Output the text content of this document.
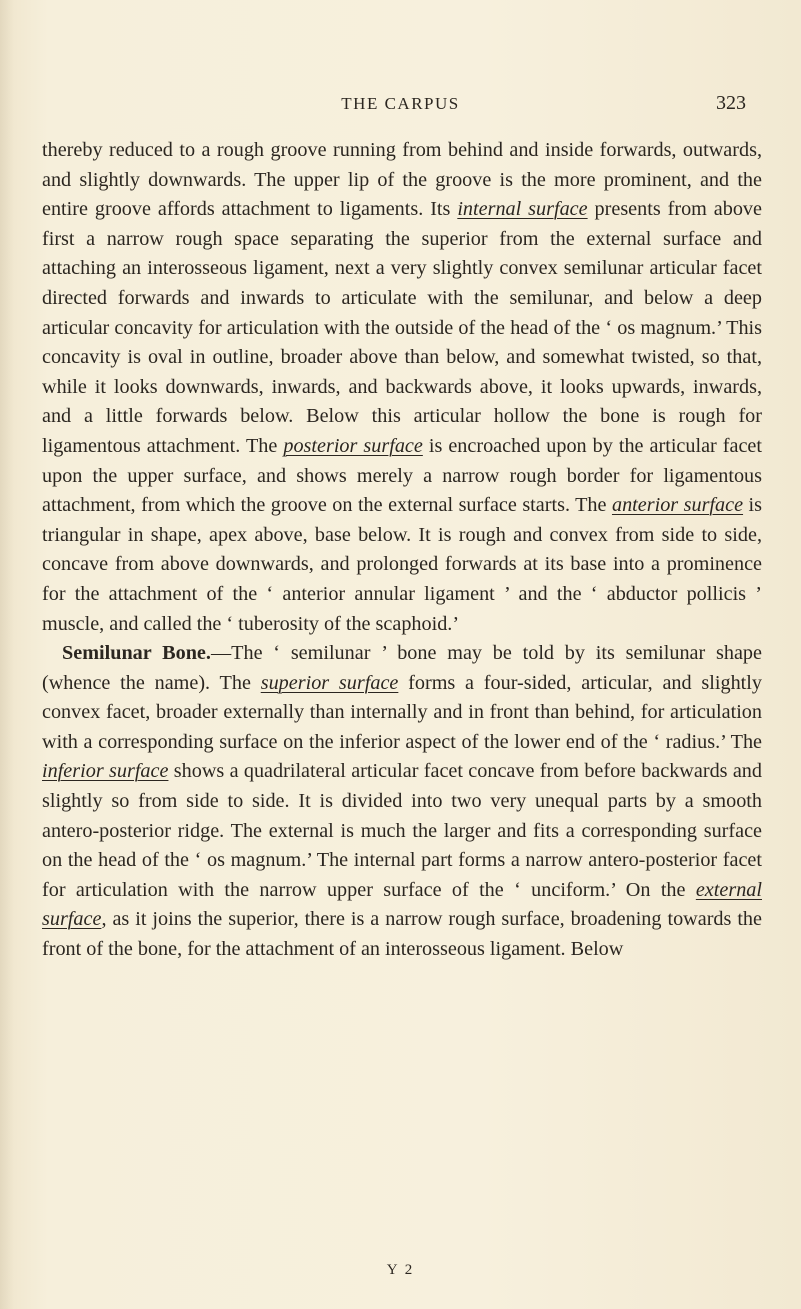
THE CARPUS	323

thereby reduced to a rough groove running from behind and inside forwards, outwards, and slightly downwards. The upper lip of the groove is the more prominent, and the entire groove affords attachment to ligaments. Its internal surface presents from above first a narrow rough space separating the superior from the external surface and attaching an interosseous ligament, next a very slightly convex semilunar articular facet directed forwards and inwards to articulate with the semilunar, and below a deep articular concavity for articulation with the outside of the head of the ‘ os magnum.’ This concavity is oval in outline, broader above than below, and somewhat twisted, so that, while it looks downwards, inwards, and backwards above, it looks upwards, inwards, and a little forwards below. Below this articular hollow the bone is rough for ligamentous attachment. The posterior surface is encroached upon by the articular facet upon the upper surface, and shows merely a narrow rough border for ligamentous attachment, from which the groove on the external surface starts. The anterior surface is triangular in shape, apex above, base below. It is rough and convex from side to side, concave from above downwards, and prolonged forwards at its base into a prominence for the attachment of the ‘ anterior annular ligament ’ and the ‘ abductor pollicis ’ muscle, and called the ‘ tuberosity of the scaphoid.’

Semilunar Bone.—The ‘ semilunar ’ bone may be told by its semilunar shape (whence the name). The superior surface forms a four-sided, articular, and slightly convex facet, broader externally than internally and in front than behind, for articulation with a corresponding surface on the inferior aspect of the lower end of the ‘ radius.’ The inferior surface shows a quadrilateral articular facet concave from before backwards and slightly so from side to side. It is divided into two very unequal parts by a smooth antero-posterior ridge. The external is much the larger and fits a corresponding surface on the head of the ‘ os magnum.’ The internal part forms a narrow antero-posterior facet for articulation with the narrow upper surface of the ‘ unciform.’ On the external surface, as it joins the superior, there is a narrow rough surface, broadening towards the front of the bone, for the attachment of an interosseous ligament. Below

Y 2
